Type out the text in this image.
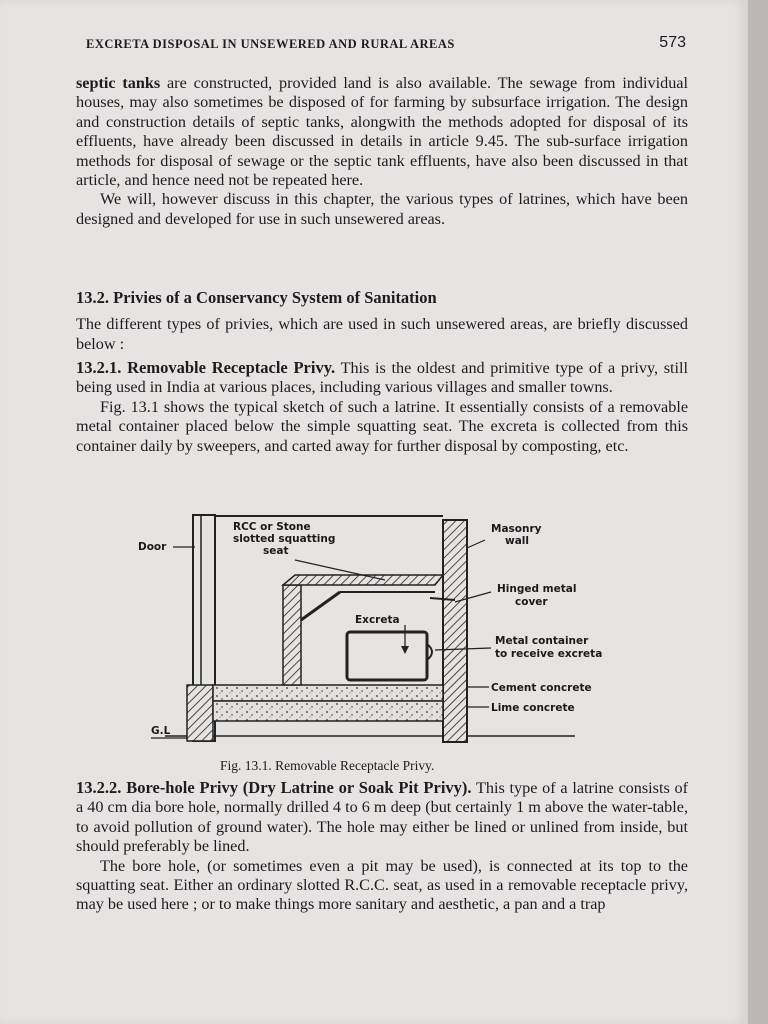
EXCRETA DISPOSAL IN UNSEWERED AND RURAL AREAS	573

septic tanks are constructed, provided land is also available. The sewage from individual houses, may also sometimes be disposed of for farming by subsurface irrigation. The design and construction details of septic tanks, alongwith the methods adopted for disposal of its effluents, have already been discussed in details in article 9.45. The sub-surface irrigation methods for disposal of sewage or the septic tank effluents, have also been discussed in that article, and hence need not be repeated here.

We will, however discuss in this chapter, the various types of latrines, which have been designed and developed for use in such unsewered areas.

13.2. Privies of a Conservancy System of Sanitation

The different types of privies, which are used in such unsewered areas, are briefly discussed below :

13.2.1. Removable Receptacle Privy. This is the oldest and primitive type of a privy, still being used in India at various places, including various villages and smaller towns.

Fig. 13.1 shows the typical sketch of such a latrine. It essentially consists of a removable metal container placed below the simple squatting seat. The excreta is collected from this container daily by sweepers, and carted away for further disposal by composting, etc.

Door
RCC or Stone
slotted squatting
seat
Masonry
wall
Hinged metal
cover
Excreta
Metal container
to receive excreta
Cement concrete
Lime concrete
G.L
Fig. 13.1. Removable Receptacle Privy.

13.2.2. Bore-hole Privy (Dry Latrine or Soak Pit Privy). This type of a latrine consists of a 40 cm dia bore hole, normally drilled 4 to 6 m deep (but certainly 1 m above the water-table, to avoid pollution of ground water). The hole may either be lined or unlined from inside, but should preferably be lined.

The bore hole, (or sometimes even a pit may be used), is connected at its top to the squatting seat. Either an ordinary slotted R.C.C. seat, as used in a removable receptacle privy, may be used here ; or to make things more sanitary and aesthetic, a pan and a trap
